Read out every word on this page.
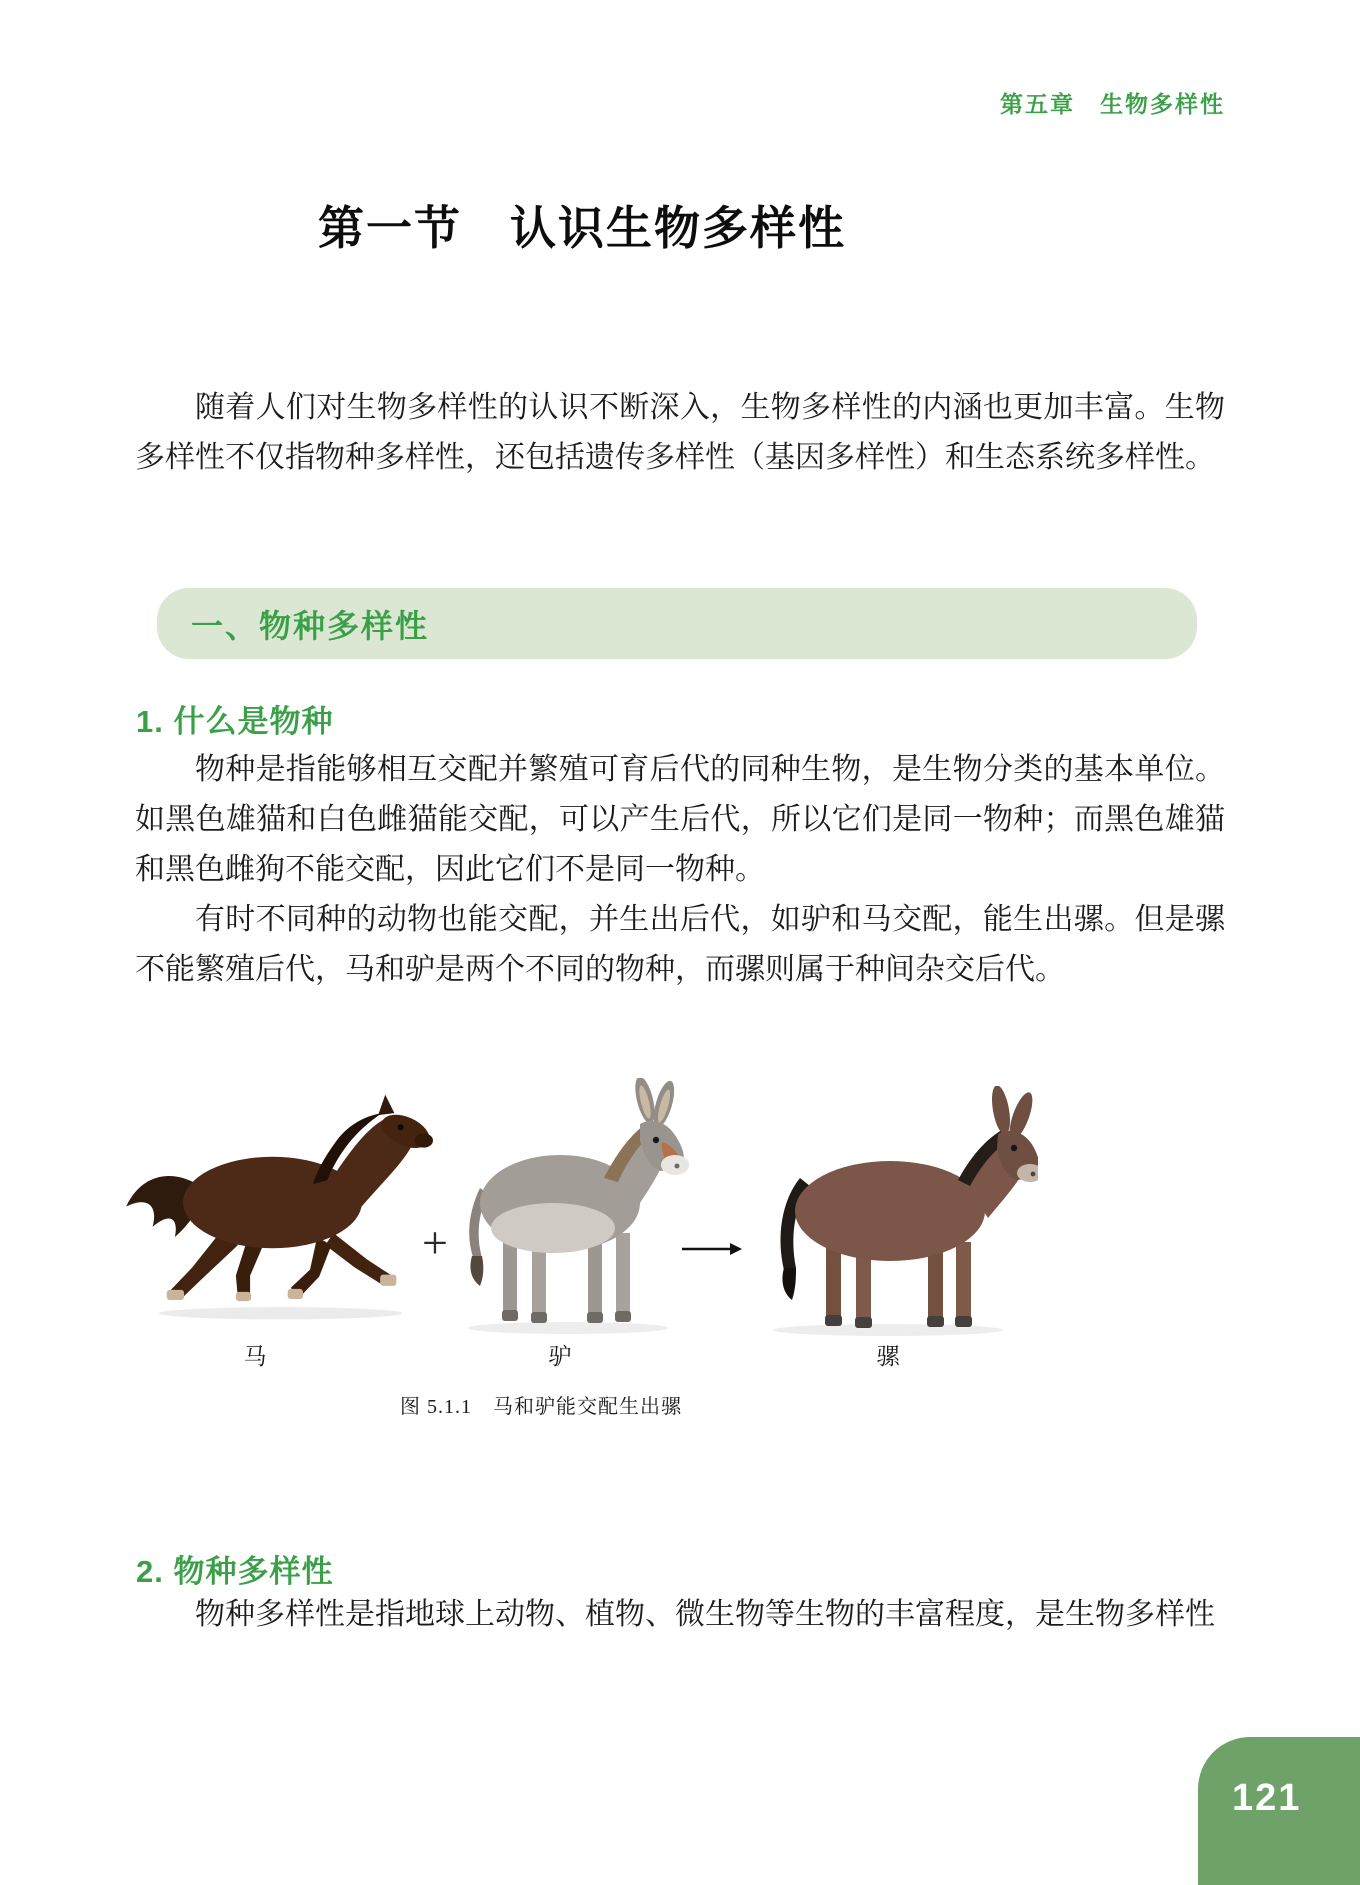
第五章　生物多样性
第一节　认识生物多样性

随着人们对生物多样性的认识不断深入，生物多样性的内涵也更加丰富。生物多样性不仅指物种多样性，还包括遗传多样性（基因多样性）和生态系统多样性。

一、物种多样性
1. 什么是物种

物种是指能够相互交配并繁殖可育后代的同种生物，是生物分类的基本单位。如黑色雄猫和白色雌猫能交配，可以产生后代，所以它们是同一物种；而黑色雄猫和黑色雌狗不能交配，因此它们不是同一物种。

有时不同种的动物也能交配，并生出后代，如驴和马交配，能生出骡。但是骡不能繁殖后代，马和驴是两个不同的物种，而骡则属于种间杂交后代。

+
马	驴	骡
图 5.1.1　马和驴能交配生出骡
2. 物种多样性

物种多样性是指地球上动物、植物、微生物等生物的丰富程度，是生物多样性

121
